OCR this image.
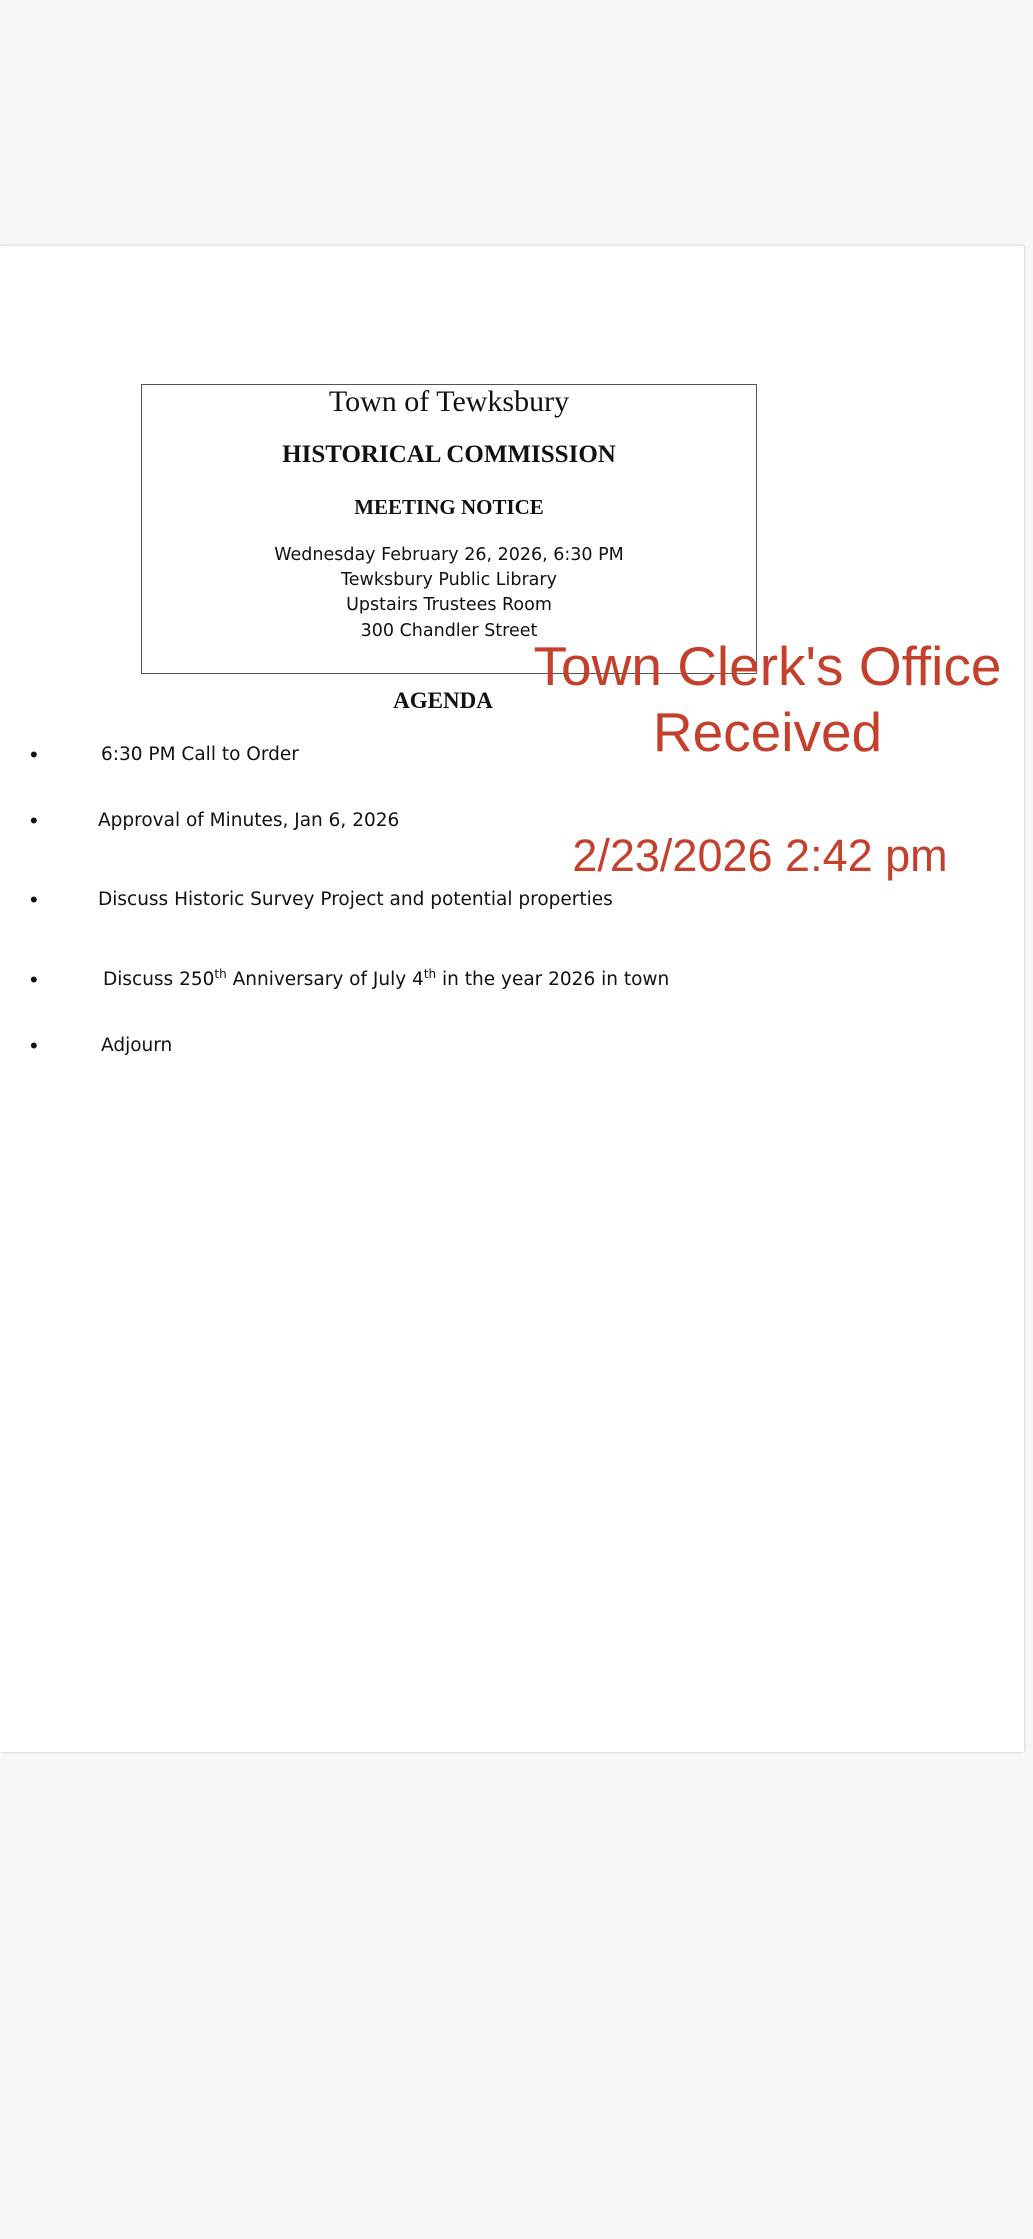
Town of Tewksbury
HISTORICAL COMMISSION
MEETING NOTICE
Wednesday February 26, 2026, 6:30 PM
Tewksbury Public Library
Upstairs Trustees Room
300 Chandler Street
AGENDA
•	6:30 PM Call to Order
•	Approval of Minutes, Jan 6, 2026
•	Discuss Historic Survey Project and potential properties
•	Discuss 250th Anniversary of July 4th in the year 2026 in town
•	Adjourn
Town Clerk's Office
Received
2/23/2026 2:42 pm
